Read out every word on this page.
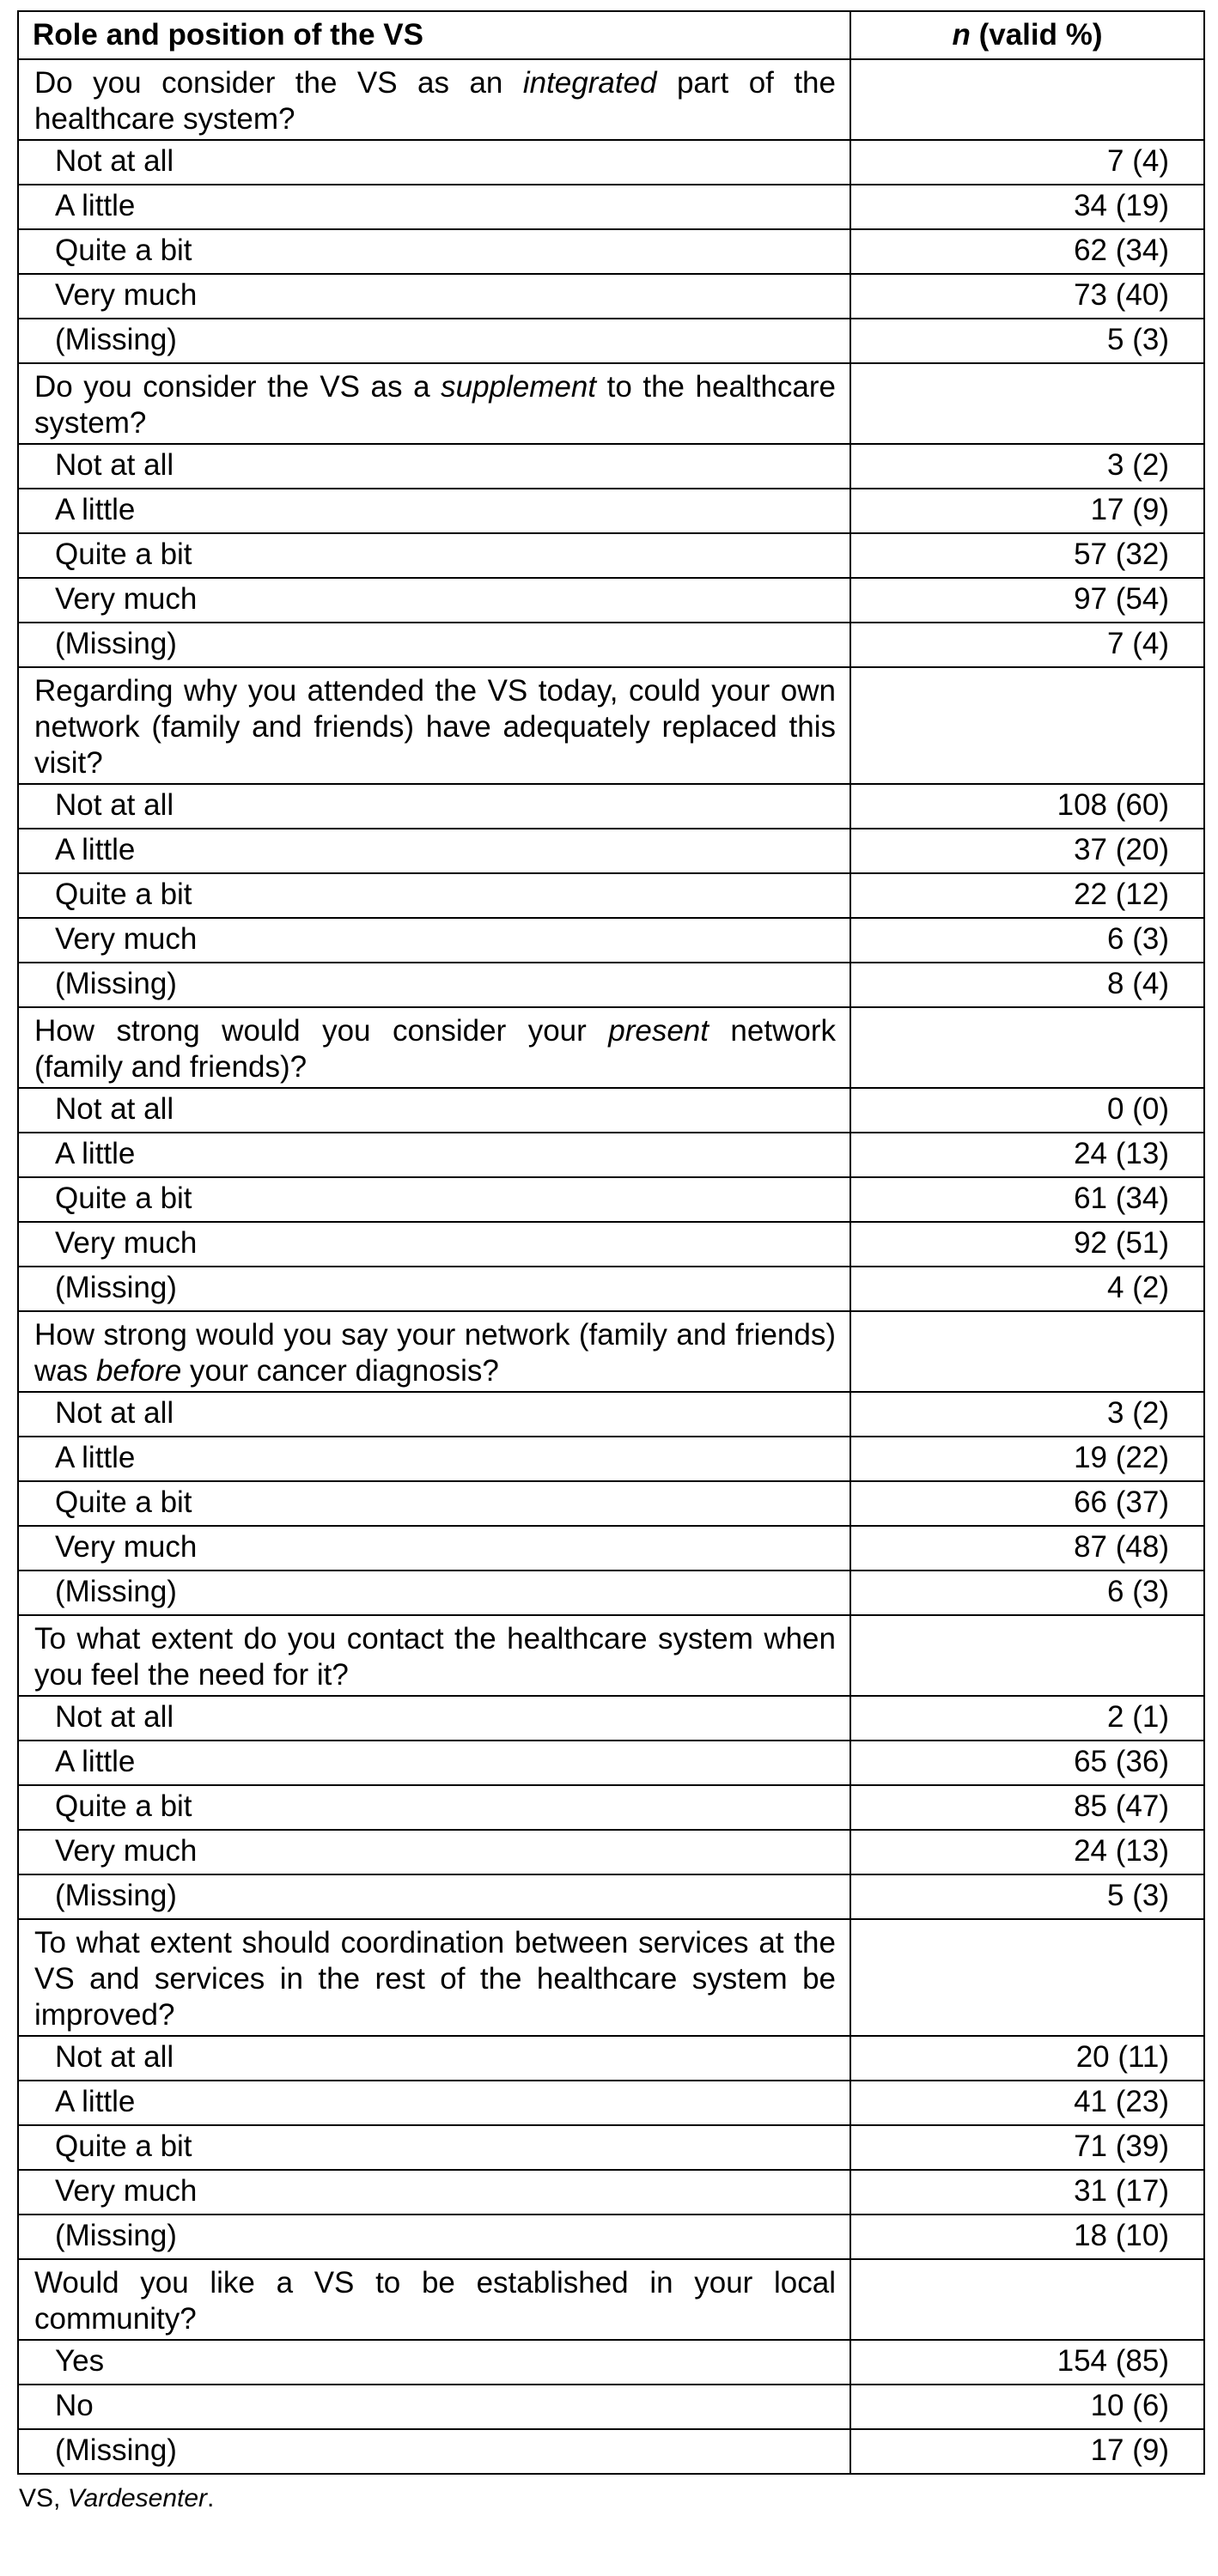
Role and position of the VS	n (valid %)
Do you consider the VS as an integrated part of the healthcare system?	
Not at all	7 (4)
A little	34 (19)
Quite a bit	62 (34)
Very much	73 (40)
(Missing)	5 (3)
Do you consider the VS as a supplement to the healthcare system?	
Not at all	3 (2)
A little	17 (9)
Quite a bit	57 (32)
Very much	97 (54)
(Missing)	7 (4)
Regarding why you attended the VS today, could your own network (family and friends) have adequately replaced this visit?	
Not at all	108 (60)
A little	37 (20)
Quite a bit	22 (12)
Very much	6 (3)
(Missing)	8 (4)
How strong would you consider your present network (family and friends)?	
Not at all	0 (0)
A little	24 (13)
Quite a bit	61 (34)
Very much	92 (51)
(Missing)	4 (2)
How strong would you say your network (family and friends) was before your cancer diagnosis?	
Not at all	3 (2)
A little	19 (22)
Quite a bit	66 (37)
Very much	87 (48)
(Missing)	6 (3)
To what extent do you contact the healthcare system when you feel the need for it?	
Not at all	2 (1)
A little	65 (36)
Quite a bit	85 (47)
Very much	24 (13)
(Missing)	5 (3)
To what extent should coordination between services at the VS and services in the rest of the healthcare system be improved?	
Not at all	20 (11)
A little	41 (23)
Quite a bit	71 (39)
Very much	31 (17)
(Missing)	18 (10)
Would you like a VS to be established in your local community?	
Yes	154 (85)
No	10 (6)
(Missing)	17 (9)
VS, Vardesenter.
